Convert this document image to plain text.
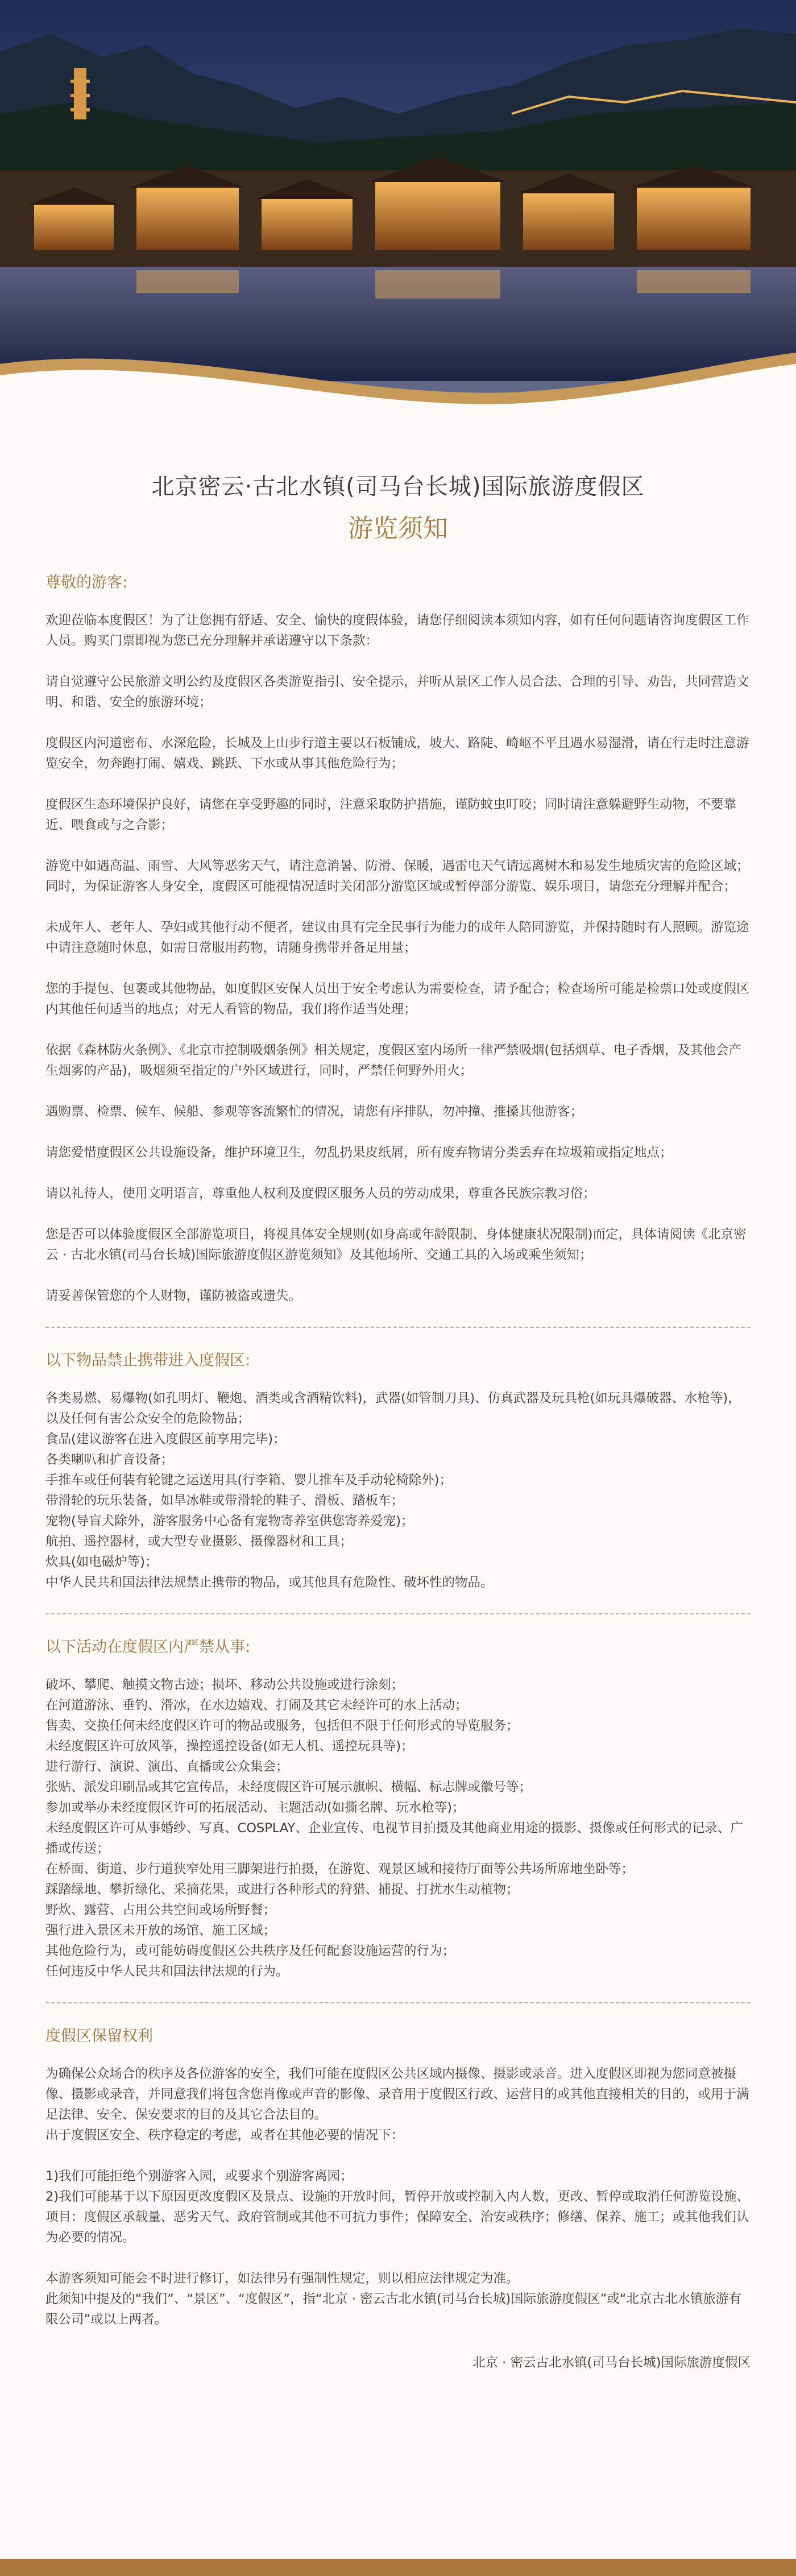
北京密云·古北水镇(司马台长城)国际旅游度假区
游览须知
尊敬的游客:

欢迎莅临本度假区！为了让您拥有舒适、安全、愉快的度假体验，请您仔细阅读本须知内容，如有任何问题请咨询度假区工作人员。购买门票即视为您已充分理解并承诺遵守以下条款：

请自觉遵守公民旅游文明公约及度假区各类游览指引、安全提示，并听从景区工作人员合法、合理的引导、劝告，共同营造文明、和谐、安全的旅游环境；

度假区内河道密布、水深危险，长城及上山步行道主要以石板铺成，坡大、路陡、崎岖不平且遇水易湿滑，请在行走时注意游览安全，勿奔跑打闹、嬉戏、跳跃、下水或从事其他危险行为；

度假区生态环境保护良好，请您在享受野趣的同时，注意采取防护措施，谨防蚊虫叮咬；同时请注意躲避野生动物，不要靠近、喂食或与之合影；

游览中如遇高温、雨雪、大风等恶劣天气，请注意消暑、防滑、保暖，遇雷电天气请远离树木和易发生地质灾害的危险区域；同时，为保证游客人身安全，度假区可能视情况适时关闭部分游览区域或暂停部分游览、娱乐项目，请您充分理解并配合；

未成年人、老年人、孕妇或其他行动不便者，建议由具有完全民事行为能力的成年人陪同游览，并保持随时有人照顾。游览途中请注意随时休息，如需日常服用药物，请随身携带并备足用量；

您的手提包、包裹或其他物品，如度假区安保人员出于安全考虑认为需要检查，请予配合；检查场所可能是检票口处或度假区内其他任何适当的地点；对无人看管的物品，我们将作适当处理；

依据《森林防火条例》、《北京市控制吸烟条例》相关规定，度假区室内场所一律严禁吸烟(包括烟草、电子香烟，及其他会产生烟雾的产品)，吸烟须至指定的户外区域进行，同时，严禁任何野外用火；

遇购票、检票、候车、候船、参观等客流繁忙的情况，请您有序排队，勿冲撞、推搡其他游客；

请您爱惜度假区公共设施设备，维护环境卫生，勿乱扔果皮纸屑，所有废弃物请分类丢弃在垃圾箱或指定地点；

请以礼待人，使用文明语言，尊重他人权利及度假区服务人员的劳动成果，尊重各民族宗教习俗；

您是否可以体验度假区全部游览项目，将视具体安全规则(如身高或年龄限制、身体健康状况限制)而定，具体请阅读《北京密云 · 古北水镇(司马台长城)国际旅游度假区游览须知》及其他场所、交通工具的入场或乘坐须知；

请妥善保管您的个人财物，谨防被盗或遗失。

以下物品禁止携带进入度假区:

各类易燃、易爆物(如孔明灯、鞭炮、酒类或含酒精饮料)，武器(如管制刀具)、仿真武器及玩具枪(如玩具爆破器、水枪等)，以及任何有害公众安全的危险物品；

食品(建议游客在进入度假区前享用完毕)；

各类喇叭和扩音设备；

手推车或任何装有轮键之运送用具(行李箱、婴儿推车及手动轮椅除外)；

带滑轮的玩乐装备，如旱冰鞋或带滑轮的鞋子、滑板、踏板车；

宠物(导盲犬除外，游客服务中心备有宠物寄养室供您寄养爱宠)；

航拍、遥控器材，或大型专业摄影、摄像器材和工具；

炊具(如电磁炉等)；

中华人民共和国法律法规禁止携带的物品，或其他具有危险性、破坏性的物品。

以下活动在度假区内严禁从事:

破坏、攀爬、触摸文物古迹；损坏、移动公共设施或进行涂刻；

在河道游泳、垂钓、滑冰，在水边嬉戏、打闹及其它未经许可的水上活动；

售卖、交换任何未经度假区许可的物品或服务，包括但不限于任何形式的导览服务；

未经度假区许可放风筝，操控遥控设备(如无人机、遥控玩具等)；

进行游行、演说、演出、直播或公众集会；

张贴、派发印刷品或其它宣传品，未经度假区许可展示旗帜、横幅、标志牌或徽号等；

参加或举办未经度假区许可的拓展活动、主题活动(如撕名牌、玩水枪等)；

未经度假区许可从事婚纱、写真、COSPLAY、企业宣传、电视节目拍摄及其他商业用途的摄影、摄像或任何形式的记录、广播或传送；

在桥面、街道、步行道狭窄处用三脚架进行拍摄，在游览、观景区域和接待厅面等公共场所席地坐卧等；

踩踏绿地、攀折绿化、采摘花果，或进行各种形式的狩猎、捕捉、打扰水生动植物；

野炊、露营、占用公共空间或场所野餐；

强行进入景区未开放的场馆、施工区域；

其他危险行为，或可能妨碍度假区公共秩序及任何配套设施运营的行为；

任何违反中华人民共和国法律法规的行为。

度假区保留权利

为确保公众场合的秩序及各位游客的安全，我们可能在度假区公共区域内摄像、摄影或录音。进入度假区即视为您同意被摄像、摄影或录音，并同意我们将包含您肖像或声音的影像、录音用于度假区行政、运营目的或其他直接相关的目的，或用于满足法律、安全、保安要求的目的及其它合法目的。
出于度假区安全、秩序稳定的考虑，或者在其他必要的情况下：

1)我们可能拒绝个别游客入园，或要求个别游客离园；
2)我们可能基于以下原因更改度假区及景点、设施的开放时间，暂停开放或控制入内人数，更改、暂停或取消任何游览设施、项目：度假区承载量、恶劣天气、政府管制或其他不可抗力事件；保障安全、治安或秩序；修缮、保养、施工；或其他我们认为必要的情况。

本游客须知可能会不时进行修订，如法律另有强制性规定，则以相应法律规定为准。
此须知中提及的“我们”、“景区”、“度假区”，指“北京 · 密云古北水镇(司马台长城)国际旅游度假区”或“北京古北水镇旅游有限公司”或以上两者。

北京 · 密云古北水镇(司马台长城)国际旅游度假区
